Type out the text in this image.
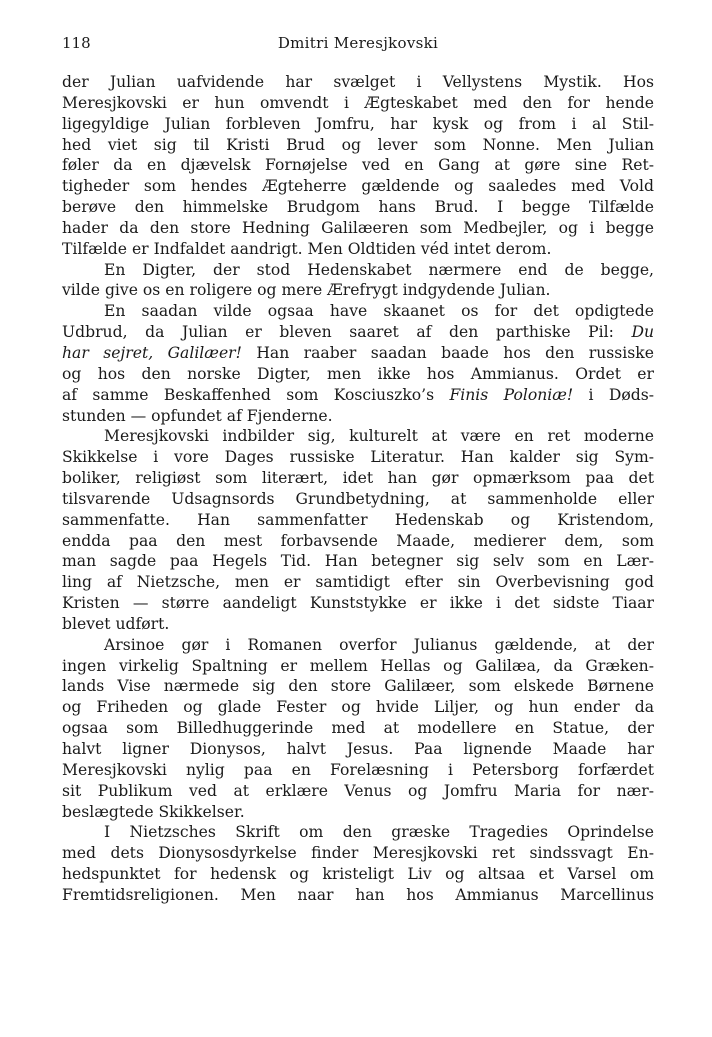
118	Dmitri Meresjkovski

der Julian uafvidende har svælget i Vellystens Mystik. Hos
Meresjkovski er hun omvendt i Ægteskabet med den for hende
ligegyldige Julian forbleven Jomfru, har kysk og from i al Stil-
hed viet sig til Kristi Brud og lever som Nonne. Men Julian
føler da en djævelsk Fornøjelse ved en Gang at gøre sine Ret-
tigheder som hendes Ægteherre gældende og saaledes med Vold
berøve den himmelske Brudgom hans Brud. I begge Tilfælde
hader da den store Hedning Galilæeren som Medbejler, og i begge
Tilfælde er Indfaldet aandrigt. Men Oldtiden véd intet derom.

En Digter, der stod Hedenskabet nærmere end de begge,
vilde give os en roligere og mere Ærefrygt indgydende Julian.

En saadan vilde ogsaa have skaanet os for det opdigtede
Udbrud, da Julian er bleven saaret af den parthiske Pil: Du
har sejret, Galilæer! Han raaber saadan baade hos den russiske
og hos den norske Digter, men ikke hos Ammianus. Ordet er
af samme Beskaffenhed som Kosciuszko’s Finis Poloniæ! i Døds-
stunden — opfundet af Fjenderne.

Meresjkovski indbilder sig, kulturelt at være en ret moderne
Skikkelse i vore Dages russiske Literatur. Han kalder sig Sym-
boliker, religiøst som literært, idet han gør opmærksom paa det
tilsvarende Udsagnsords Grundbetydning, at sammenholde eller
sammenfatte. Han sammenfatter Hedenskab og Kristendom,
endda paa den mest forbavsende Maade, medierer dem, som
man sagde paa Hegels Tid. Han betegner sig selv som en Lær-
ling af Nietzsche, men er samtidigt efter sin Overbevisning god
Kristen — større aandeligt Kunststykke er ikke i det sidste Tiaar
blevet udført.

Arsinoe gør i Romanen overfor Julianus gældende, at der
ingen virkelig Spaltning er mellem Hellas og Galilæa, da Græken-
lands Vise nærmede sig den store Galilæer, som elskede Børnene
og Friheden og glade Fester og hvide Liljer, og hun ender da
ogsaa som Billedhuggerinde med at modellere en Statue, der
halvt ligner Dionysos, halvt Jesus. Paa lignende Maade har
Meresjkovski nylig paa en Forelæsning i Petersborg forfærdet
sit Publikum ved at erklære Venus og Jomfru Maria for nær-
beslægtede Skikkelser.

I Nietzsches Skrift om den græske Tragedies Oprindelse
med dets Dionysosdyrkelse finder Meresjkovski ret sindssvagt En-
hedspunktet for hedensk og kristeligt Liv og altsaa et Varsel om
Fremtidsreligionen. Men naar han hos Ammianus Marcellinus
